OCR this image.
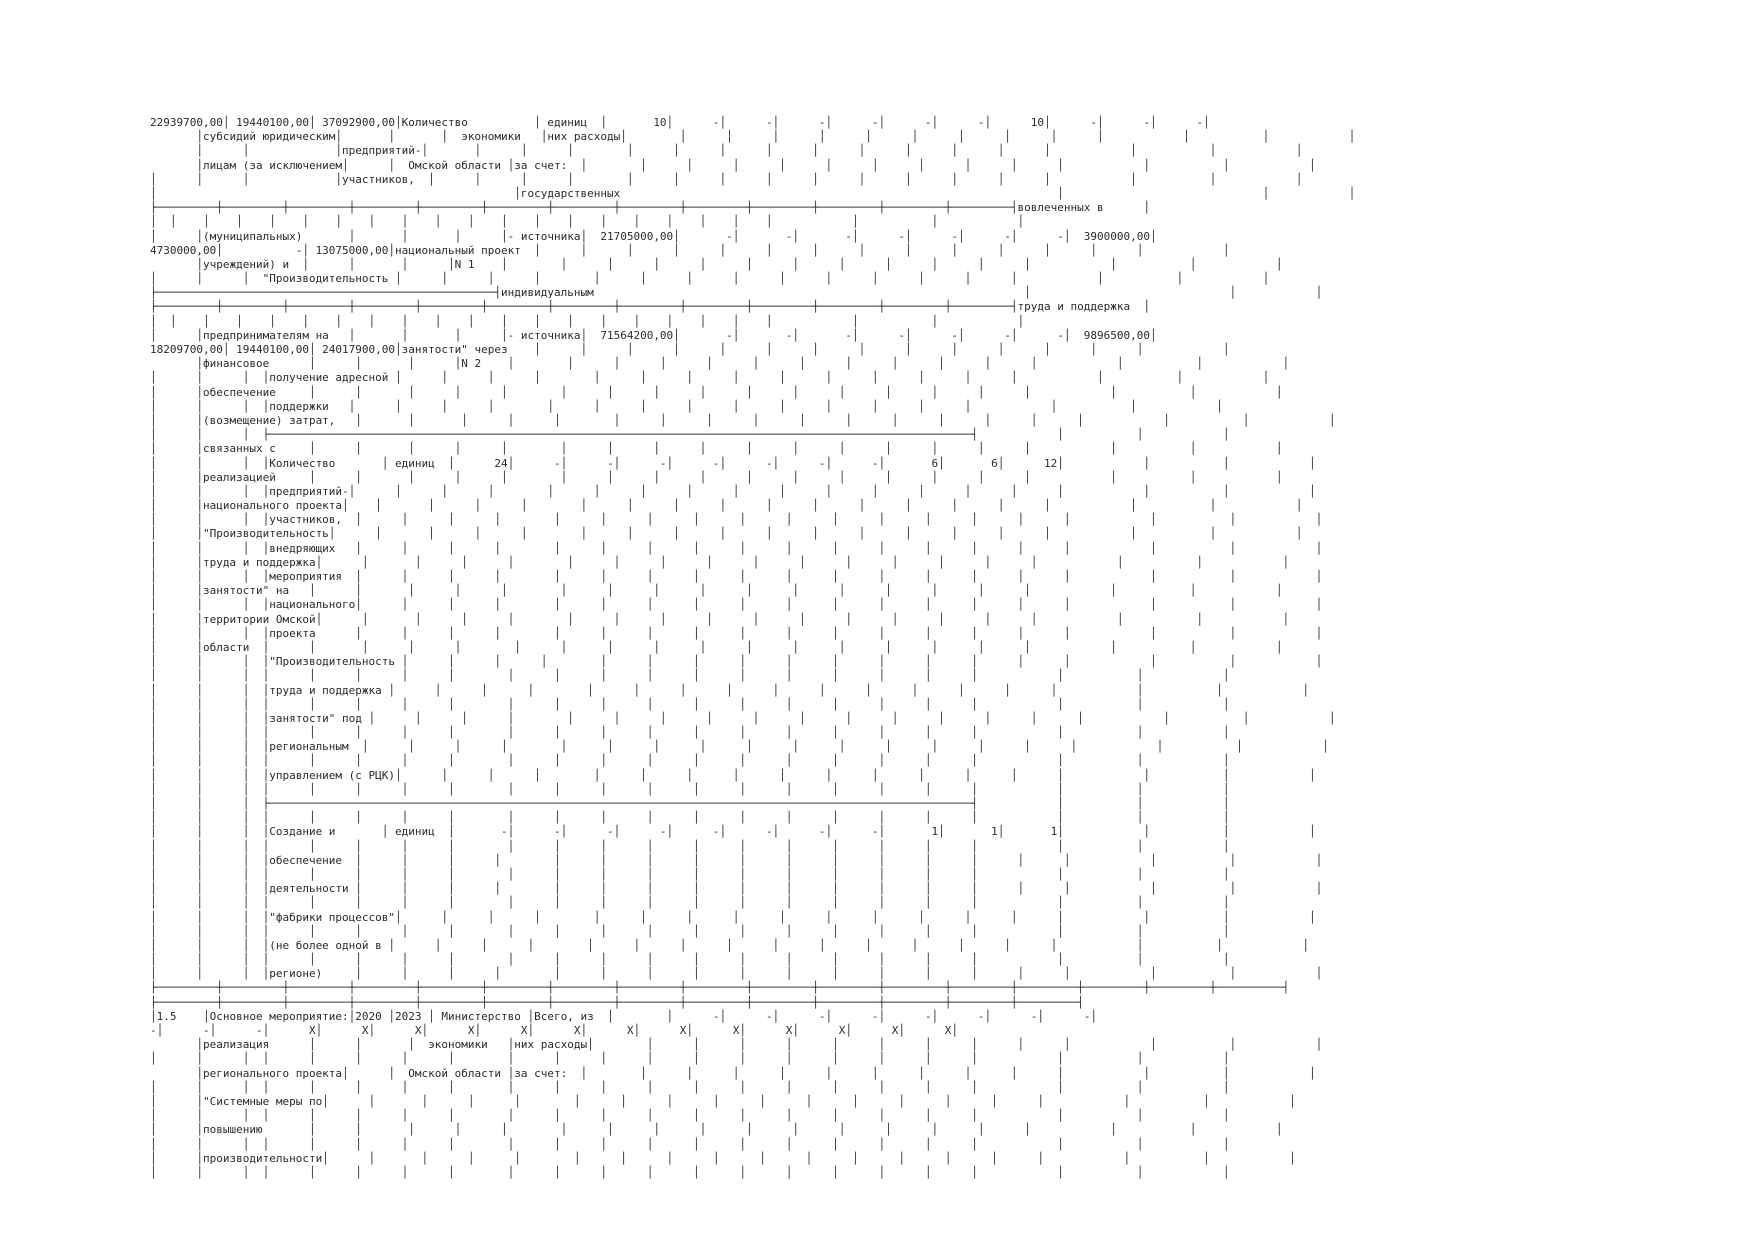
22939700,00│ 19440100,00│ 37092900,00│Количество          │ единиц  │       10│      -│      -│      -│      -│      -│      -│      10│      -│      -│      -│
│субсидий юридическим│       │       │  экономики   │них расходы│        │      │      │      │      │      │      │      │      │      │            │           │            │
│      │             │предприятий-│       │      │      │        │      │      │      │      │      │      │      │      │      │            │           │            │
│лицам (за исключением│      │  Омской области │за счет:  │        │      │      │      │      │      │      │      │      │      │            │           │            │
│      │      │             │участников,  │      │      │      │        │      │      │      │      │      │      │      │      │      │            │           │            │
│                                                      │государственных                                                                  │                              │            │
├─────────┼─────────┼─────────┼─────────┼─────────┼─────────┼─────────┼─────────┼─────────┼─────────┼─────────┼─────────┼─────────┤вовлеченных в      │
│  │    │    │    │    │    │    │    │    │    │    │    │    │    │    │    │    │    │    │            │           │            │
│      │(муниципальных)       │       │       │      │- источника│  21705000,00│       -│       -│       -│      -│      -│      -│      -│  3900000,00│
4730000,00│           -│ 13075000,00│национальный проект  │      │      │      │      │      │      │      │      │      │      │      │      │      │            │
│учреждений) и  │      │       │      │N 1    │        │      │      │      │      │      │      │      │      │      │      │            │           │            │
│      │      │  "Производительность │      │      │      │        │      │      │      │      │      │      │      │      │      │            │           │            │
├───────────────────────────────────────────────────┤индивидуальным                                                                 │                              │            │
├─────────┼─────────┼─────────┼─────────┼─────────┼─────────┼─────────┼─────────┼─────────┼─────────┼─────────┼─────────┼─────────┤труда и поддержка  │
│  │    │    │    │    │    │    │    │    │    │    │    │    │    │    │    │    │    │    │            │           │            │
│      │предпринимателям на   │       │       │      │- источника│  71564200,00│       -│       -│       -│      -│      -│      -│      -│  9896500,00│
18209700,00│ 19440100,00│ 24017900,00│занятости" через    │      │      │      │      │      │      │      │      │      │      │      │      │      │            │
│финансовое      │      │       │      │N 2    │        │      │      │      │      │      │      │      │      │      │      │            │           │            │
│      │      │  │получение адресной │      │      │      │        │      │      │      │      │      │      │      │      │      │            │           │            │
│      │обеспечение     │      │       │      │      │        │      │      │      │      │      │      │      │      │      │      │            │           │            │
│      │      │  │поддержки   │      │      │      │        │      │      │      │      │      │      │      │      │      │            │           │            │
│      │(возмещение) затрат,   │       │       │      │      │        │      │      │      │      │      │      │      │      │      │      │            │           │            │
│      │      │  ├──────────────────────────────────────────────────────────────────────────────────────────────────────────┤            │           │            │
│      │связанных с     │      │       │      │      │        │      │      │      │      │      │      │      │      │      │      │            │           │            │
│      │      │  │Количество       │ единиц  │      24│      -│      -│      -│      -│      -│      -│      -│       6│       6│      12│            │           │            │
│      │реализацией     │      │       │      │      │        │      │      │      │      │      │      │      │      │      │      │            │           │            │
│      │      │  │предприятий-│      │      │      │        │      │      │      │      │      │      │      │      │      │      │      │            │           │            │
│      │национального проекта│    │       │      │      │        │      │      │      │      │      │      │      │      │      │      │            │           │            │
│      │      │  │участников,  │      │      │      │        │      │      │      │      │      │      │      │      │      │      │      │            │           │            │
│      │"Производительность│      │       │      │      │        │      │      │      │      │      │      │      │      │      │      │            │           │            │
│      │      │  │внедряющих   │      │      │      │        │      │      │      │      │      │      │      │      │      │      │      │            │           │            │
│      │труда и поддержка│      │       │      │      │        │      │      │      │      │      │      │      │      │      │      │            │           │            │
│      │      │  │мероприятия  │      │      │      │        │      │      │      │      │      │      │      │      │      │      │      │            │           │            │
│      │занятости" на   │      │       │      │      │        │      │      │      │      │      │      │      │      │      │      │            │           │            │
│      │      │  │национального│      │      │      │        │      │      │      │      │      │      │      │      │      │      │      │            │           │            │
│      │территории Омской│      │       │      │      │        │      │      │      │      │      │      │      │      │      │      │            │           │            │
│      │      │  │проекта      │      │      │      │        │      │      │      │      │      │      │      │      │      │      │      │            │           │            │
│      │области  │      │       │      │      │        │      │      │      │      │      │      │      │      │      │      │      │            │           │            │
│      │      │  │"Производительность │      │      │      │        │      │      │      │      │      │      │      │      │      │      │            │           │            │
│      │      │  │      │      │      │      │        │      │      │      │      │      │      │      │      │      │      │            │           │            │
│      │      │  │труда и поддержка │      │      │      │        │      │      │      │      │      │      │      │      │      │      │            │           │            │
│      │      │  │      │      │      │      │        │      │      │      │      │      │      │      │      │      │      │            │           │            │
│      │      │  │занятости" под │      │      │      │        │      │      │      │      │      │      │      │      │      │      │      │            │           │            │
│      │      │  │      │      │      │      │        │      │      │      │      │      │      │      │      │      │      │            │           │            │
│      │      │  │региональным  │      │      │      │        │      │      │      │      │      │      │      │      │      │      │      │            │           │            │
│      │      │  │      │      │      │      │        │      │      │      │      │      │      │      │      │      │      │            │           │            │
│      │      │  │управлением (с РЦК)│      │      │      │        │      │      │      │      │      │      │      │      │      │      │            │           │            │
│      │      │  │      │      │      │      │        │      │      │      │      │      │      │      │      │      │      │            │           │            │
│      │      │  ├──────────────────────────────────────────────────────────────────────────────────────────────────────────┤            │           │            │
│      │      │  │      │      │      │      │        │      │      │      │      │      │      │      │      │      │      │            │           │            │
│      │      │  │Создание и       │ единиц  │       -│      -│      -│      -│      -│      -│      -│      -│       1│       1│       1│            │           │            │
│      │      │  │      │      │      │      │        │      │      │      │      │      │      │      │      │      │      │            │           │            │
│      │      │  │обеспечение  │      │      │      │        │      │      │      │      │      │      │      │      │      │      │      │            │           │            │
│      │      │  │      │      │      │      │        │      │      │      │      │      │      │      │      │      │      │            │           │            │
│      │      │  │деятельности │      │      │      │        │      │      │      │      │      │      │      │      │      │      │      │            │           │            │
│      │      │  │      │      │      │      │        │      │      │      │      │      │      │      │      │      │      │            │           │            │
│      │      │  │"фабрики процессов"│      │      │      │        │      │      │      │      │      │      │      │      │      │      │            │           │            │
│      │      │  │      │      │      │      │        │      │      │      │      │      │      │      │      │      │      │            │           │            │
│      │      │  │(не более одной в │      │      │      │        │      │      │      │      │      │      │      │      │      │      │            │           │            │
│      │      │  │      │      │      │      │        │      │      │      │      │      │      │      │      │      │      │            │           │            │
│      │      │  │регионе)     │      │      │      │        │      │      │      │      │      │      │      │      │      │      │      │            │           │            │
├─────────┼─────────┼─────────┼─────────┼─────────┼─────────┼─────────┼─────────┼─────────┼─────────┼─────────┼─────────┼─────────┼─────────┼─────────┼─────────┼──────────┤
├─────────┼─────────┼─────────┼─────────┼─────────┼─────────┼─────────┼─────────┼─────────┼─────────┼─────────┼─────────┼─────────┼─────────┤
│1.5    │Основное мероприятие:│2020 │2023 │ Министерство │Всего, из  │        │      -│      -│      -│      -│      -│      -│      -│      -│
-│      -│      -│      X│      X│      X│      X│      X│      X│      X│      X│      X│      X│      X│      X│      X│
│реализация      │      │       │  экономики   │них расходы│        │      │      │      │      │      │      │      │      │      │            │           │            │
│      │      │  │      │      │      │      │        │      │      │      │      │      │      │      │      │      │      │            │           │            │
│регионального проекта│      │  Омской области │за счет:  │        │      │      │      │      │      │      │      │      │      │            │           │            │
│      │      │  │      │      │      │      │        │      │      │      │      │      │      │      │      │      │      │            │           │            │
│      │"Системные меры по│      │       │      │      │        │      │      │      │      │      │      │      │      │      │      │            │           │            │
│      │      │  │      │      │      │      │        │      │      │      │      │      │      │      │      │      │      │            │           │            │
│      │повышению       │      │       │      │      │        │      │      │      │      │      │      │      │      │      │      │            │           │            │
│      │      │  │      │      │      │      │        │      │      │      │      │      │      │      │      │      │      │            │           │            │
│      │производительности│      │       │      │      │        │      │      │      │      │      │      │      │      │      │      │            │           │            │
│      │      │  │      │      │      │      │        │      │      │      │      │      │      │      │      │      │      │            │           │            │
